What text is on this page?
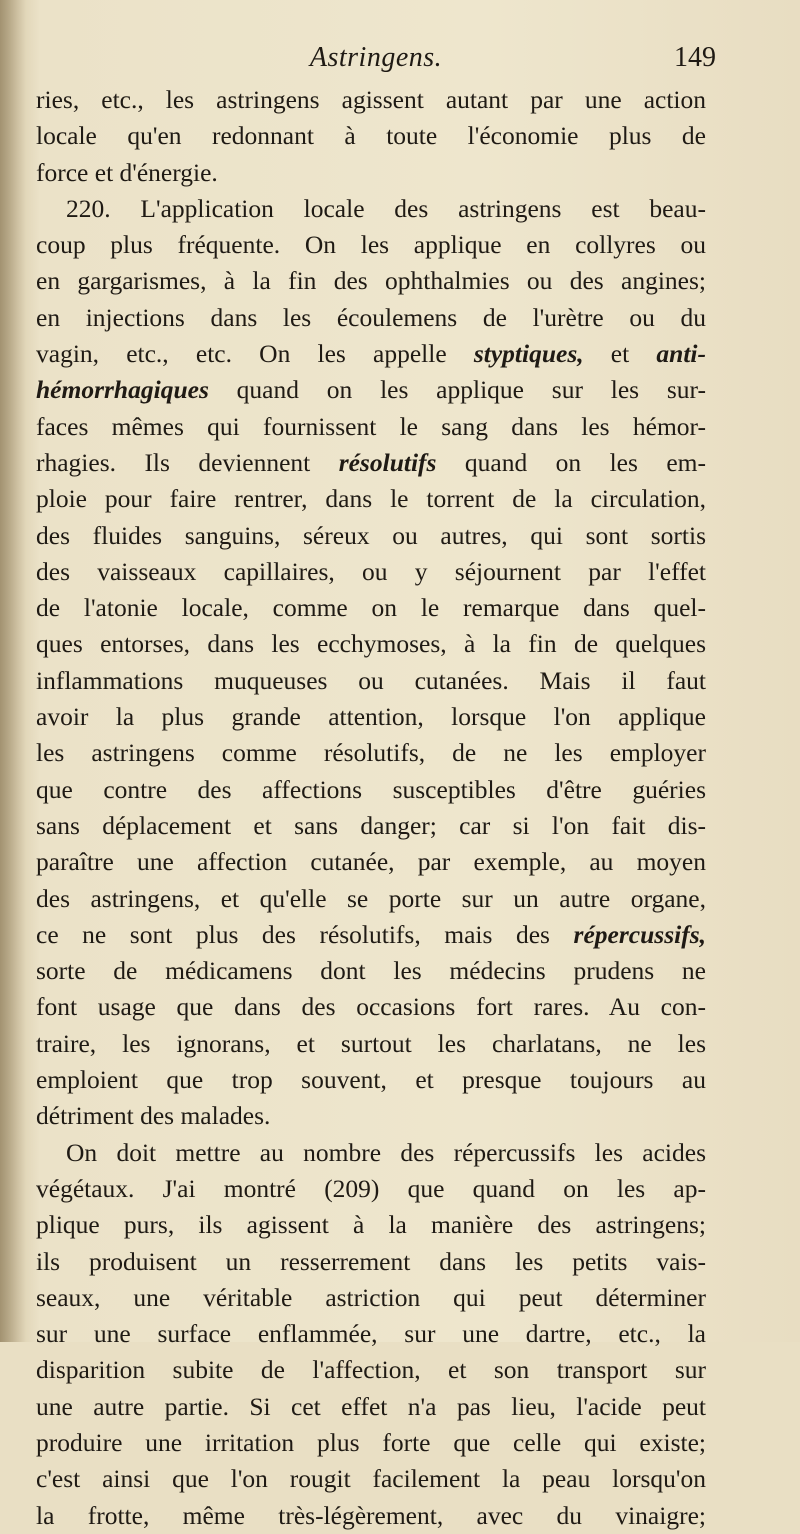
Astringens.	149
ries, etc., les astringens agissent autant par une action
locale qu'en redonnant à toute l'économie plus de
force et d'énergie.
220. L'application locale des astringens est beau-
coup plus fréquente. On les applique en collyres ou
en gargarismes, à la fin des ophthalmies ou des angines;
en injections dans les écoulemens de l'urètre ou du
vagin, etc., etc. On les appelle styptiques, et anti-
hémorrhagiques quand on les applique sur les sur-
faces mêmes qui fournissent le sang dans les hémor-
rhagies. Ils deviennent résolutifs quand on les em-
ploie pour faire rentrer, dans le torrent de la circulation,
des fluides sanguins, séreux ou autres, qui sont sortis
des vaisseaux capillaires, ou y séjournent par l'effet
de l'atonie locale, comme on le remarque dans quel-
ques entorses, dans les ecchymoses, à la fin de quelques
inflammations muqueuses ou cutanées. Mais il faut
avoir la plus grande attention, lorsque l'on applique
les astringens comme résolutifs, de ne les employer
que contre des affections susceptibles d'être guéries
sans déplacement et sans danger; car si l'on fait dis-
paraître une affection cutanée, par exemple, au moyen
des astringens, et qu'elle se porte sur un autre organe,
ce ne sont plus des résolutifs, mais des répercussifs,
sorte de médicamens dont les médecins prudens ne
font usage que dans des occasions fort rares. Au con-
traire, les ignorans, et surtout les charlatans, ne les
emploient que trop souvent, et presque toujours au
détriment des malades.
On doit mettre au nombre des répercussifs les acides
végétaux. J'ai montré (209) que quand on les ap-
plique purs, ils agissent à la manière des astringens;
ils produisent un resserrement dans les petits vais-
seaux, une véritable astriction qui peut déterminer
sur une surface enflammée, sur une dartre, etc., la
disparition subite de l'affection, et son transport sur
une autre partie. Si cet effet n'a pas lieu, l'acide peut
produire une irritation plus forte que celle qui existe;
c'est ainsi que l'on rougit facilement la peau lorsqu'on
la frotte, même très-légèrement, avec du vinaigre;
